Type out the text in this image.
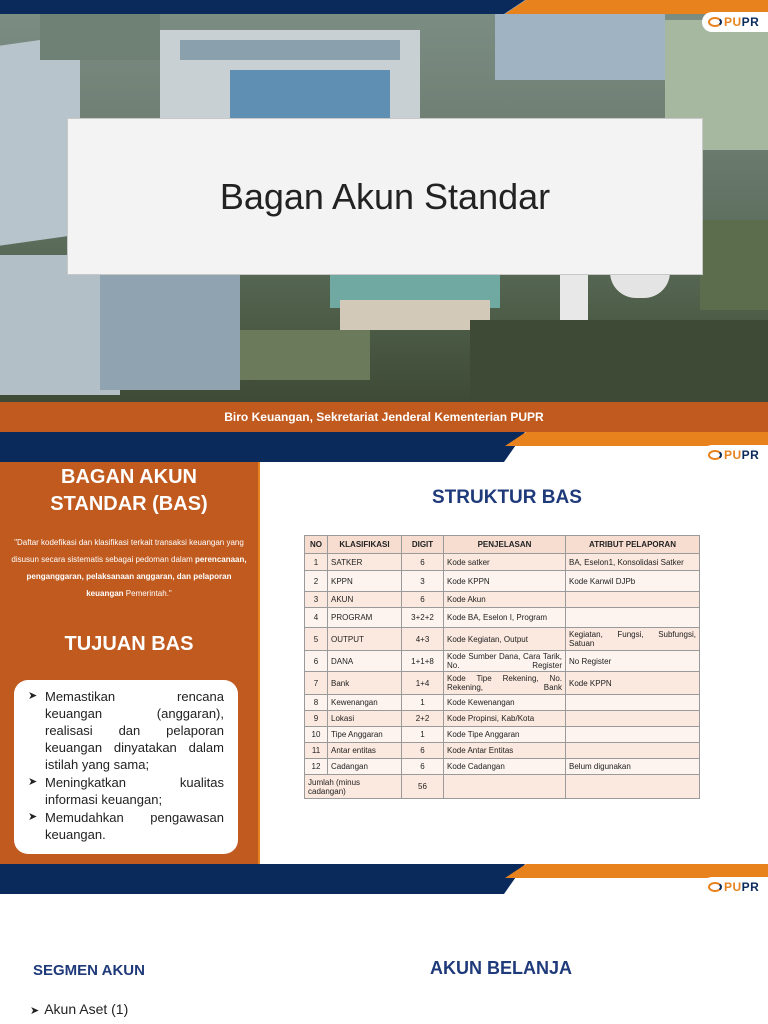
PUPR
Bagan Akun Standar
Biro Keuangan, Sekretariat Jenderal Kementerian PUPR
PUPR
BAGAN AKUN
STANDAR (BAS)
"Daftar kodefikasi dan klasifikasi terkait transaksi keuangan yang disusun secara sistematis sebagai pedoman dalam perencanaan, penganggaran, pelaksanaan anggaran, dan pelaporan keuangan Pemerintah."
TUJUAN BAS
➤ Memastikan rencana keuangan (anggaran), realisasi dan pelaporan keuangan dinyatakan dalam istilah yang sama;
➤ Meningkatkan kualitas informasi keuangan;
➤ Memudahkan pengawasan keuangan.
STRUKTUR BAS
NO	KLASIFIKASI	DIGIT	PENJELASAN	ATRIBUT PELAPORAN
1	SATKER	6	Kode satker	BA, Eselon1, Konsolidasi Satker
2	KPPN	3	Kode KPPN	Kode Kanwil DJPb
3	AKUN	6	Kode Akun	
4	PROGRAM	3+2+2	Kode BA, Eselon I, Program	
5	OUTPUT	4+3	Kode Kegiatan, Output	Kegiatan, Fungsi, Subfungsi, Satuan
6	DANA	1+1+8	Kode Sumber Dana, Cara Tarik, No. Register	No Register
7	Bank	1+4	Kode Tipe Rekening, No. Rekening, Bank	Kode KPPN
8	Kewenangan	1	Kode Kewenangan	
9	Lokasi	2+2	Kode Propinsi, Kab/Kota	
10	Tipe Anggaran	1	Kode Tipe Anggaran	
11	Antar entitas	6	Kode Antar Entitas	
12	Cadangan	6	Kode Cadangan	Belum digunakan
Jumlah (minus cadangan)		56		
PUPR
SEGMEN AKUN	AKUN BELANJA
➤ Akun Aset (1)
